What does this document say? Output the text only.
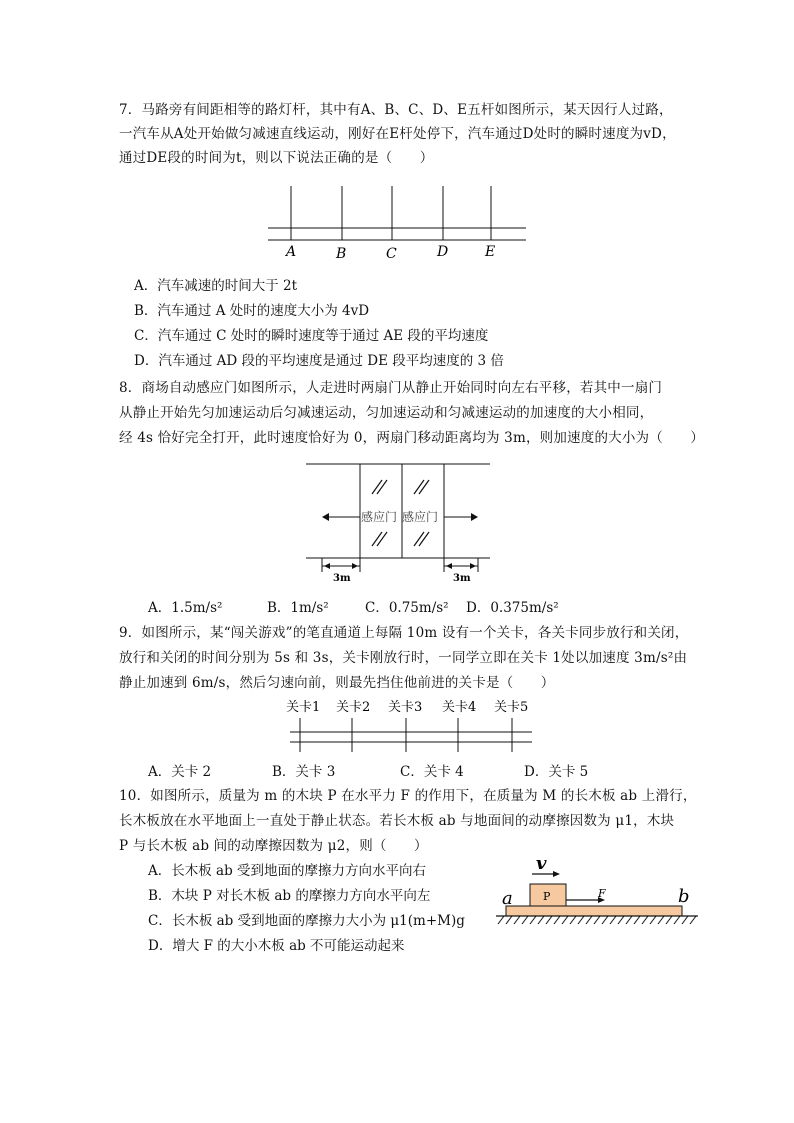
7．马路旁有间距相等的路灯杆，其中有A、B、C、D、E五杆如图所示，某天因行人过路，
一汽车从A处开始做匀减速直线运动，刚好在E杆处停下，汽车通过D处时的瞬时速度为vD，
通过DE段的时间为t，则以下说法正确的是（　　）
A	B	C	D	E
A．汽车减速的时间大于 2t
B．汽车通过 A 处时的速度大小为 4vD
C．汽车通过 C 处时的瞬时速度等于通过 AE 段的平均速度
D．汽车通过 AD 段的平均速度是通过 DE 段平均速度的 3 倍
8．商场自动感应门如图所示，人走进时两扇门从静止开始同时向左右平移，若其中一扇门
从静止开始先匀加速运动后匀减速运动，匀加速运动和匀减速运动的加速度的大小相同，
经 4s 恰好完全打开，此时速度恰好为 0，两扇门移动距离均为 3m，则加速度的大小为（　　）
感应门 感应门
3m	3m
A．1.5m/s²	B．1m/s²	C．0.75m/s² D．0.375m/s²
9．如图所示，某“闯关游戏”的笔直通道上每隔 10m 设有一个关卡，各关卡同步放行和关闭，
放行和关闭的时间分别为 5s 和 3s，关卡刚放行时，一同学立即在关卡 1处以加速度 3m/s²由
静止加速到 6m/s，然后匀速向前，则最先挡住他前进的关卡是（　　）
关卡1 关卡2 关卡3 关卡4 关卡5
A．关卡 2	B．关卡 3	C．关卡 4	D．关卡 5
10．如图所示，质量为 m 的木块 P 在水平力 F 的作用下，在质量为 M 的长木板 ab 上滑行，
长木板放在水平地面上一直处于静止状态。若长木板 ab 与地面间的动摩擦因数为 μ1，木块
P 与长木板 ab 间的动摩擦因数为 μ2，则（　　）
A．长木板 ab 受到地面的摩擦力方向水平向右
B．木块 P 对长木板 ab 的摩擦力方向水平向左
C．长木板 ab 受到地面的摩擦力大小为 μ1(m+M)g
D．增大 F 的大小木板 ab 不可能运动起来
v
P	F
a	b
